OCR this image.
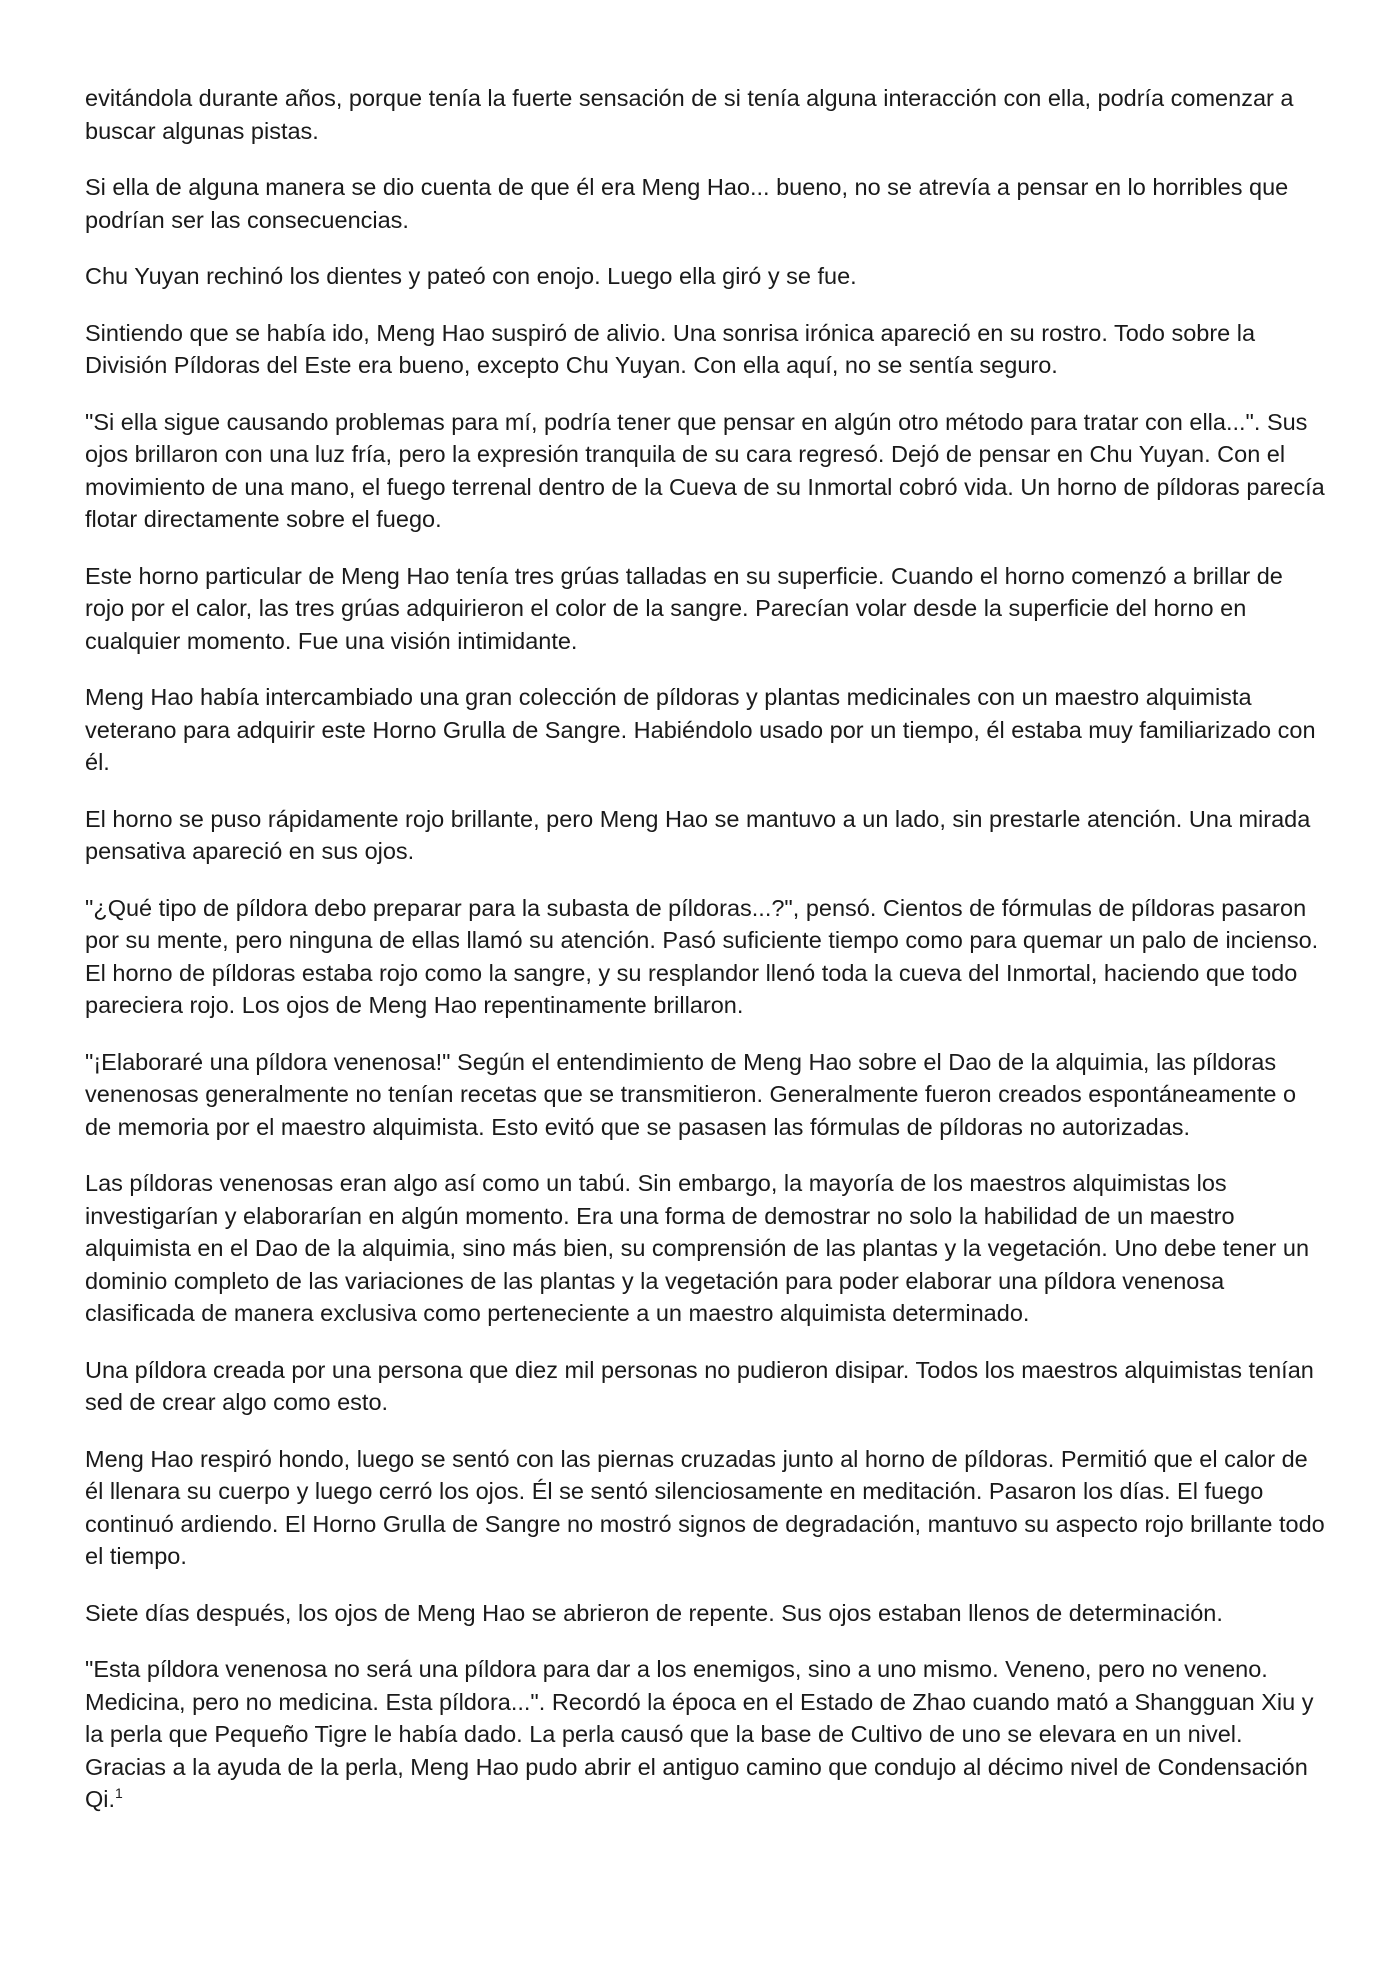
evitándola durante años, porque tenía la fuerte sensación de si tenía alguna interacción con ella, podría comenzar a buscar algunas pistas.

Si ella de alguna manera se dio cuenta de que él era Meng Hao... bueno, no se atrevía a pensar en lo horribles que podrían ser las consecuencias.

Chu Yuyan rechinó los dientes y pateó con enojo. Luego ella giró y se fue.

Sintiendo que se había ido, Meng Hao suspiró de alivio. Una sonrisa irónica apareció en su rostro. Todo sobre la División Píldoras del Este era bueno, excepto Chu Yuyan. Con ella aquí, no se sentía seguro.

"Si ella sigue causando problemas para mí, podría tener que pensar en algún otro método para tratar con ella...". Sus ojos brillaron con una luz fría, pero la expresión tranquila de su cara regresó. Dejó de pensar en Chu Yuyan. Con el movimiento de una mano, el fuego terrenal dentro de la Cueva de su Inmortal cobró vida. Un horno de píldoras parecía flotar directamente sobre el fuego.

Este horno particular de Meng Hao tenía tres grúas talladas en su superficie. Cuando el horno comenzó a brillar de rojo por el calor, las tres grúas adquirieron el color de la sangre. Parecían volar desde la superficie del horno en cualquier momento. Fue una visión intimidante.

Meng Hao había intercambiado una gran colección de píldoras y plantas medicinales con un maestro alquimista veterano para adquirir este Horno Grulla de Sangre. Habiéndolo usado por un tiempo, él estaba muy familiarizado con él.

El horno se puso rápidamente rojo brillante, pero Meng Hao se mantuvo a un lado, sin prestarle atención. Una mirada pensativa apareció en sus ojos.

"¿Qué tipo de píldora debo preparar para la subasta de píldoras...?", pensó. Cientos de fórmulas de píldoras pasaron por su mente, pero ninguna de ellas llamó su atención. Pasó suficiente tiempo como para quemar un palo de incienso. El horno de píldoras estaba rojo como la sangre, y su resplandor llenó toda la cueva del Inmortal, haciendo que todo pareciera rojo. Los ojos de Meng Hao repentinamente brillaron.

"¡Elaboraré una píldora venenosa!" Según el entendimiento de Meng Hao sobre el Dao de la alquimia, las píldoras venenosas generalmente no tenían recetas que se transmitieron. Generalmente fueron creados espontáneamente o de memoria por el maestro alquimista. Esto evitó que se pasasen las fórmulas de píldoras no autorizadas.

Las píldoras venenosas eran algo así como un tabú. Sin embargo, la mayoría de los maestros alquimistas los investigarían y elaborarían en algún momento. Era una forma de demostrar no solo la habilidad de un maestro alquimista en el Dao de la alquimia, sino más bien, su comprensión de las plantas y la vegetación. Uno debe tener un dominio completo de las variaciones de las plantas y la vegetación para poder elaborar una píldora venenosa clasificada de manera exclusiva como perteneciente a un maestro alquimista determinado.

Una píldora creada por una persona que diez mil personas no pudieron disipar. Todos los maestros alquimistas tenían sed de crear algo como esto.

Meng Hao respiró hondo, luego se sentó con las piernas cruzadas junto al horno de píldoras. Permitió que el calor de él llenara su cuerpo y luego cerró los ojos. Él se sentó silenciosamente en meditación. Pasaron los días. El fuego continuó ardiendo. El Horno Grulla de Sangre no mostró signos de degradación, mantuvo su aspecto rojo brillante todo el tiempo.

Siete días después, los ojos de Meng Hao se abrieron de repente. Sus ojos estaban llenos de determinación.

"Esta píldora venenosa no será una píldora para dar a los enemigos, sino a uno mismo. Veneno, pero no veneno. Medicina, pero no medicina. Esta píldora...". Recordó la época en el Estado de Zhao cuando mató a Shangguan Xiu y la perla que Pequeño Tigre le había dado. La perla causó que la base de Cultivo de uno se elevara en un nivel. Gracias a la ayuda de la perla, Meng Hao pudo abrir el antiguo camino que condujo al décimo nivel de Condensación Qi.$^1$
